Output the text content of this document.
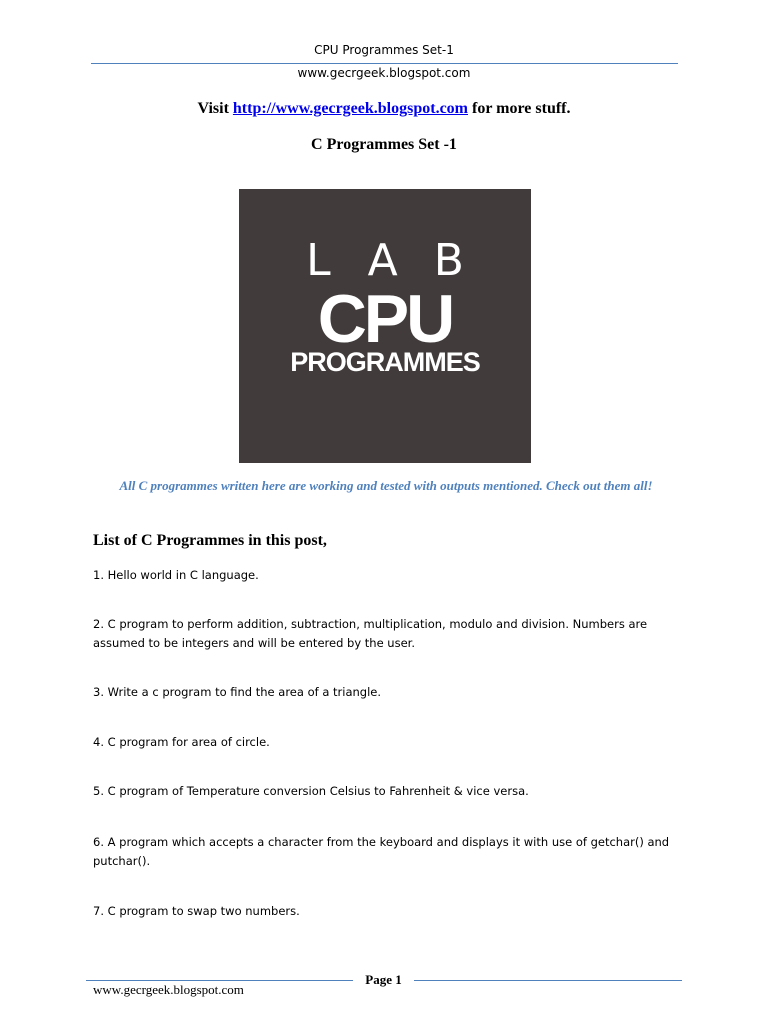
CPU Programmes Set-1
www.gecrgeek.blogspot.com
Visit http://www.gecrgeek.blogspot.com for more stuff.
C Programmes Set -1
LAB
CPU
PROGRAMMES
All C programmes written here are working and tested with outputs mentioned. Check out them all!
List of C Programmes in this post,
1. Hello world in C language.
2. C program to perform addition, subtraction, multiplication, modulo and division. Numbers are assumed to be integers and will be entered by the user.
3. Write a c program to find the area of a triangle.
4. C program for area of circle.
5. C program of Temperature conversion Celsius to Fahrenheit & vice versa.
6. A program which accepts a character from the keyboard and displays it with use of getchar() and putchar().
7. C program to swap two numbers.
Page 1
www.gecrgeek.blogspot.com
